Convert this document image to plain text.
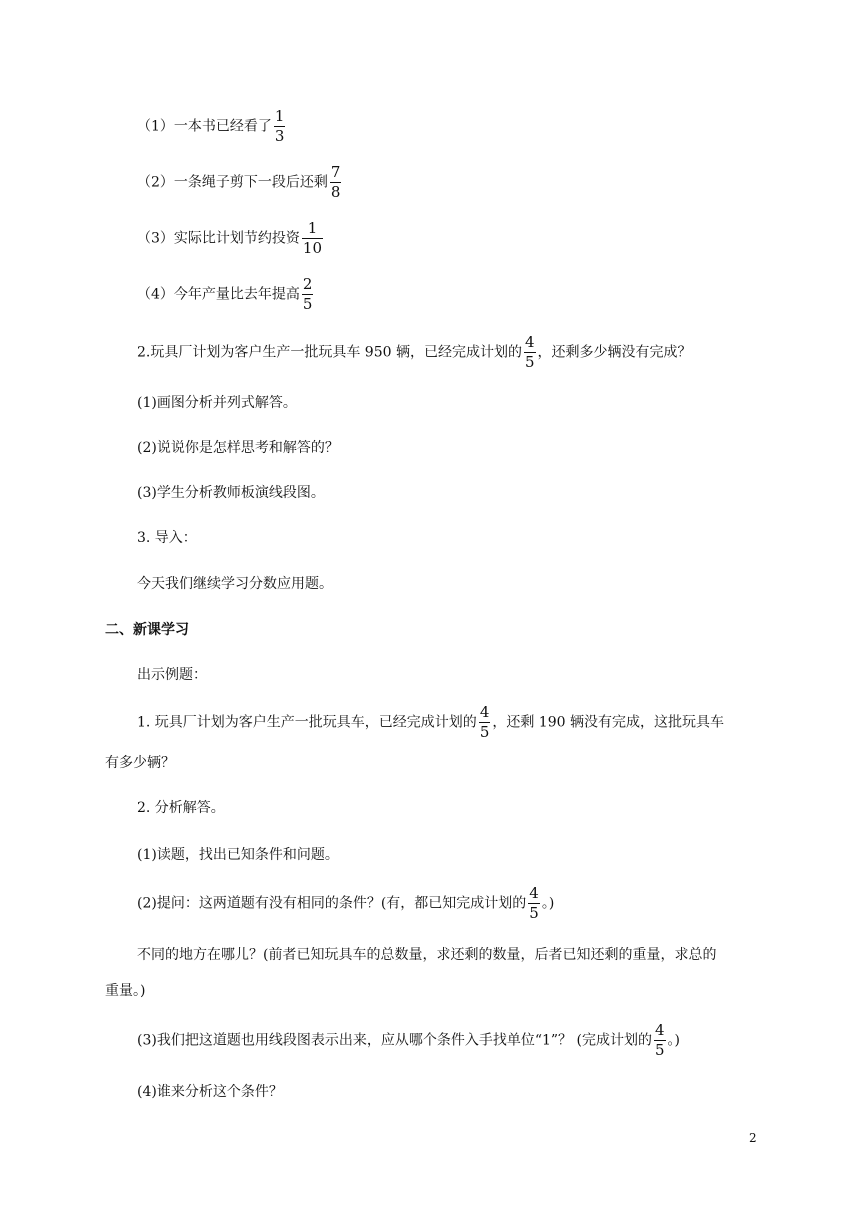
（1）一本书已经看了 $\frac{1}{3}$
（2）一条绳子剪下一段后还剩 $\frac{7}{8}$
（3）实际比计划节约投资 $\frac{1}{10}$
（4）今年产量比去年提高 $\frac{2}{5}$
2.玩具厂计划为客户生产一批玩具车 950 辆，已经完成计划的 $\frac{4}{5}$ ，还剩多少辆没有完成？
(1)画图分析并列式解答。
(2)说说你是怎样思考和解答的？
(3)学生分析教师板演线段图。
3. 导入：
今天我们继续学习分数应用题。
二、新课学习
出示例题：
1. 玩具厂计划为客户生产一批玩具车，已经完成计划的 $\frac{4}{5}$ ，还剩 190 辆没有完成，这批玩具车
有多少辆？
2. 分析解答。
(1)读题，找出已知条件和问题。
(2)提问：这两道题有没有相同的条件？(有，都已知完成计划的 $\frac{4}{5}$ 。)
不同的地方在哪儿？(前者已知玩具车的总数量，求还剩的数量，后者已知还剩的重量，求总的
重量。)
(3)我们把这道题也用线段图表示出来，应从哪个条件入手找单位“1”？ (完成计划的 $\frac{4}{5}$ 。)
(4)谁来分析这个条件？
2
